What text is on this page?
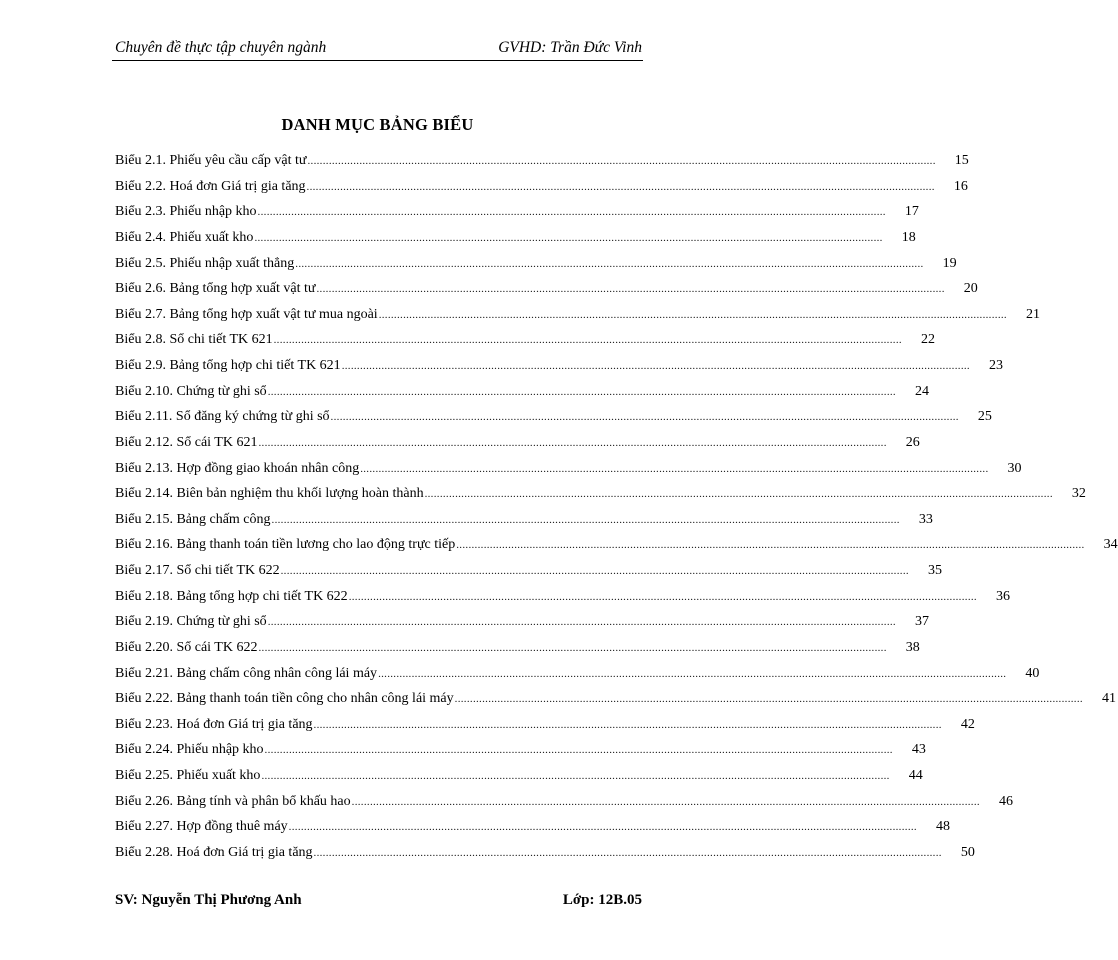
Chuyên đề thực tập chuyên ngành	GVHD: Trần Đức Vinh
DANH MỤC BẢNG BIỂU
Biểu 2.1. Phiếu yêu cầu cấp vật tư ..............................................................................................................................................................................................................	15
Biểu 2.2. Hoá đơn Giá trị gia tăng ..............................................................................................................................................................................................................	16
Biểu 2.3. Phiếu nhập kho ..............................................................................................................................................................................................................	17
Biểu 2.4. Phiếu xuất kho ..............................................................................................................................................................................................................	18
Biểu 2.5. Phiếu nhập xuất thẳng ..............................................................................................................................................................................................................	19
Biểu 2.6. Bảng tổng hợp xuất vật tư ..............................................................................................................................................................................................................	20
Biểu 2.7. Bảng tổng hợp xuất vật tư mua ngoài ..............................................................................................................................................................................................................	21
Biểu 2.8. Sổ chi tiết TK 621 ..............................................................................................................................................................................................................	22
Biểu 2.9. Bảng tổng hợp chi tiết TK 621 ..............................................................................................................................................................................................................	23
Biểu 2.10. Chứng từ ghi sổ ..............................................................................................................................................................................................................	24
Biểu 2.11. Sổ đăng ký chứng từ ghi sổ ..............................................................................................................................................................................................................	25
Biểu 2.12. Sổ cái TK 621 ..............................................................................................................................................................................................................	26
Biểu 2.13. Hợp đồng giao khoán nhân công ..............................................................................................................................................................................................................	30
Biểu 2.14. Biên bản nghiệm thu khối lượng hoàn thành ..............................................................................................................................................................................................................	32
Biểu 2.15. Bảng chấm công ..............................................................................................................................................................................................................	33
Biểu 2.16. Bảng thanh toán tiền lương cho lao động trực tiếp ..............................................................................................................................................................................................................	34
Biểu 2.17. Sổ chi tiết TK 622 ..............................................................................................................................................................................................................	35
Biểu 2.18. Bảng tổng hợp chi tiết TK 622 ..............................................................................................................................................................................................................	36
Biểu 2.19. Chứng từ ghi sổ ..............................................................................................................................................................................................................	37
Biểu 2.20. Sổ cái TK 622 ..............................................................................................................................................................................................................	38
Biểu 2.21. Bảng chấm công nhân công lái máy ..............................................................................................................................................................................................................	40
Biểu 2.22. Bảng thanh toán tiền công cho nhân công lái máy ..............................................................................................................................................................................................................	41
Biểu 2.23. Hoá đơn Giá trị gia tăng ..............................................................................................................................................................................................................	42
Biểu 2.24. Phiếu nhập kho ..............................................................................................................................................................................................................	43
Biểu 2.25. Phiếu xuất kho ..............................................................................................................................................................................................................	44
Biểu 2.26. Bảng tính và phân bổ khấu hao ..............................................................................................................................................................................................................	46
Biểu 2.27. Hợp đồng thuê máy ..............................................................................................................................................................................................................	48
Biểu 2.28. Hoá đơn Giá trị gia tăng ..............................................................................................................................................................................................................	50
SV: Nguyễn Thị Phương Anh	Lớp: 12B.05
